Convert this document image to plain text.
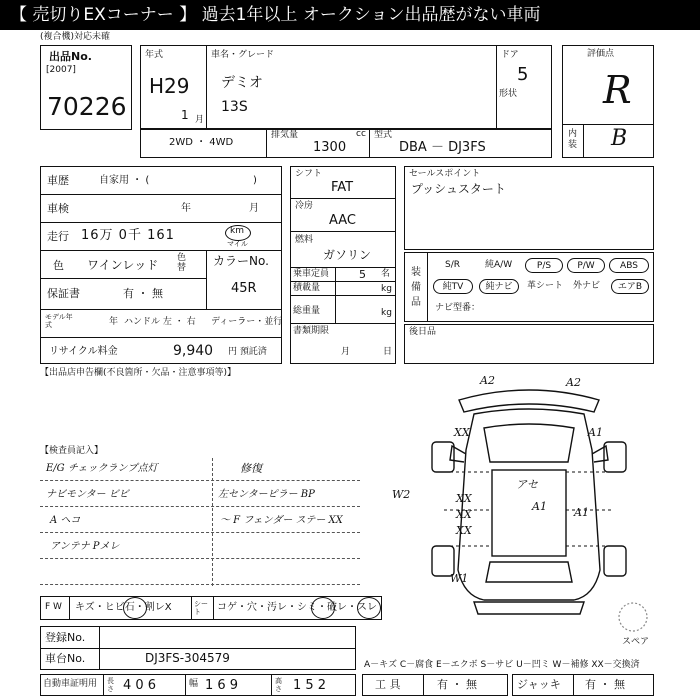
【 売切りEXコーナー 】 過去1年以上 オークション出品歴がない車両
(複合機)対応未確
出品No.
[2007]
70226
年式
H29
1 月
車名・グレード
デミオ
13S
ドア
5
形状
2WD ・ 4WD
排気量	cc
1300
型式
DBA － DJ3FS
評価点
R
内装 B
車歴	自家用 ・ (	)
車検	年	月
走行 16万 0千 161	km
マイル
色 ワインレッド 色替
保証書	有 ・ 無
カラーNo.
45R
モデル年式	年 ハンドル 左 ・ 右 ディーラー・並行
リサイクル料金	9,940 円 預託済
シフト
FAT
冷房
AAC
燃料
ガソリン
乗車定員	5 名
積載量	kg
総重量	kg
書類期限
月	日
セールスポイント
プッシュスタート
装備品
S/R	純A/W	P/S	P/W	ABS
純TV	純ナビ	革シート 外ナビ	エアB
ナビ型番：
後日品
【出品店申告欄(不良箇所・欠品・注意事項等)】
【検査員記入】
E/G チェックランプ点灯
ナビモンター ビビ
A ヘコ
アンテナ Pメレ
修復
左センターピラー BP
～ F フェンダー ステー XX
A2	A2
XX
XX
XX
XX
A1
W2
A1 A1
アセ
W1
スペア
F W キズ・ヒビ石・割レX	シート	コゲ・穴・汚レ・シミ・破レ・スレ
登録No.
車台No.	DJ3FS-304579	A－キズ C－腐食 E－エクボ S－サビ U－凹ミ W－補修 XX－交換済
自動車証明用 長さ 4 0 6	幅 1 6 9	高さ 1 5 2	工 具	有 ・ 無	ジャッキ 有 ・ 無
